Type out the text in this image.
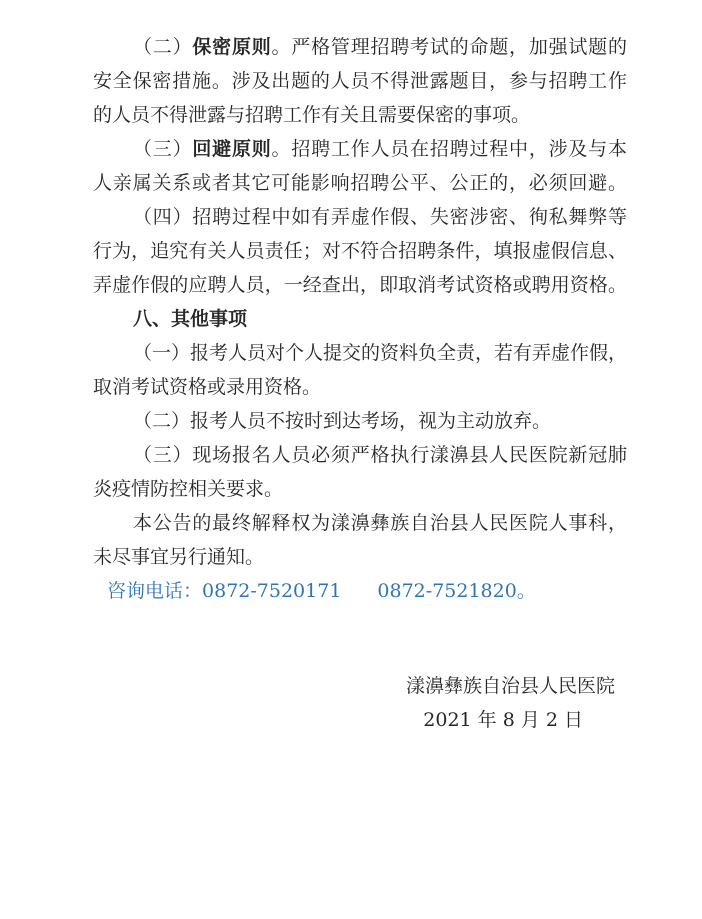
（二）保密原则。严格管理招聘考试的命题，加强试题的
安全保密措施。涉及出题的人员不得泄露题目，参与招聘工作
的人员不得泄露与招聘工作有关且需要保密的事项。
（三）回避原则。招聘工作人员在招聘过程中，涉及与本
人亲属关系或者其它可能影响招聘公平、公正的，必须回避。
（四）招聘过程中如有弄虚作假、失密涉密、徇私舞弊等
行为，追究有关人员责任；对不符合招聘条件，填报虚假信息、
弄虚作假的应聘人员，一经查出，即取消考试资格或聘用资格。
八、其他事项
（一）报考人员对个人提交的资料负全责，若有弄虚作假，
取消考试资格或录用资格。
（二）报考人员不按时到达考场，视为主动放弃。
（三）现场报名人员必须严格执行漾濞县人民医院新冠肺
炎疫情防控相关要求。
本公告的最终解释权为漾濞彝族自治县人民医院人事科，
未尽事宜另行通知。
咨询电话：0872-7520171 0872-7521820。
漾濞彝族自治县人民医院
2021 年 8 月 2 日
